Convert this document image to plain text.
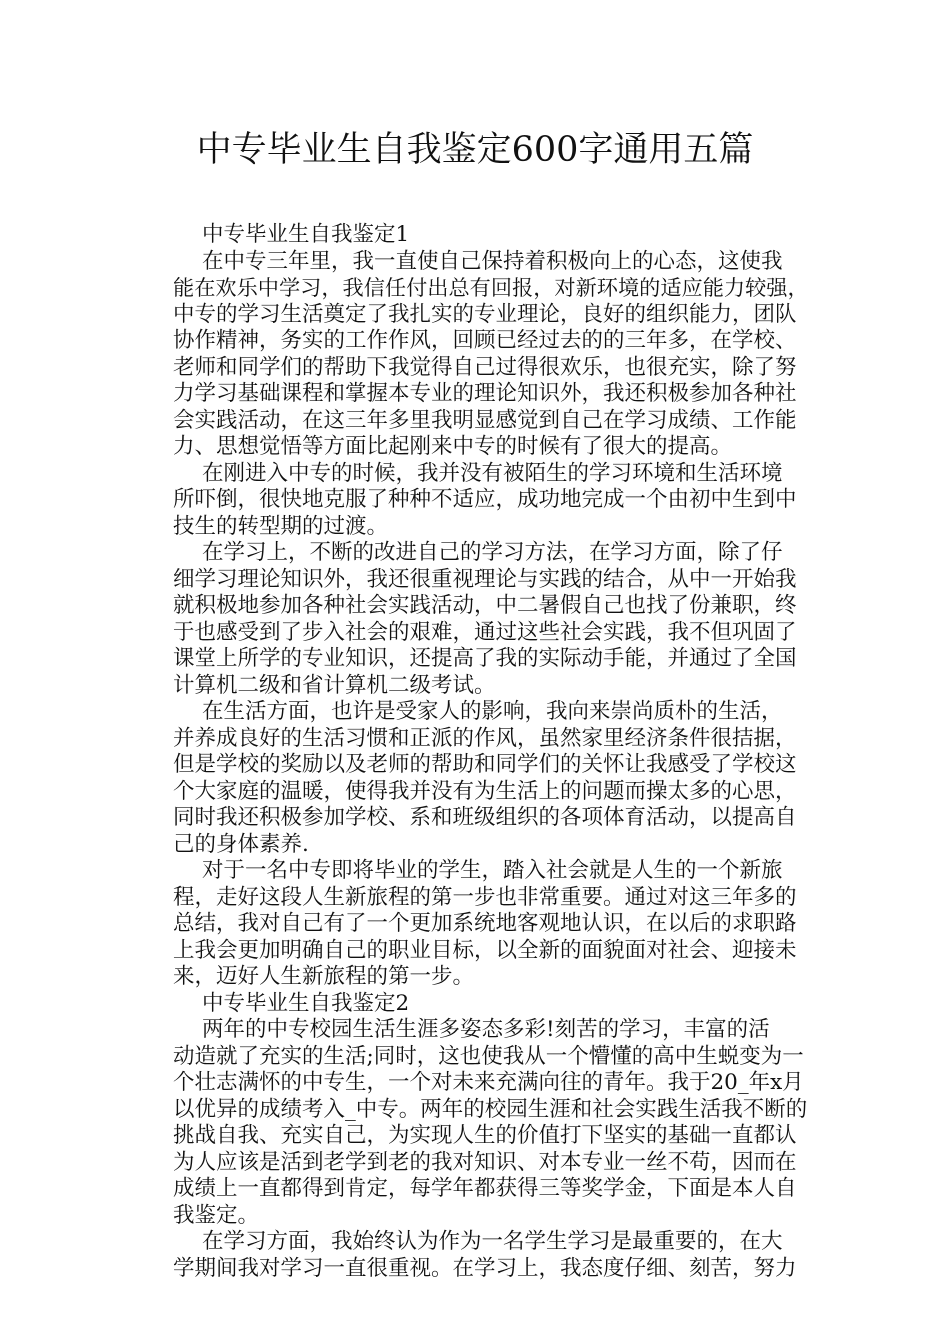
中专毕业生自我鉴定600字通用五篇
中专毕业生自我鉴定1
在中专三年里，我一直使自己保持着积极向上的心态，这使我
能在欢乐中学习，我信任付出总有回报，对新环境的适应能力较强，
中专的学习生活奠定了我扎实的专业理论，良好的组织能力，团队
协作精神，务实的工作作风，回顾已经过去的的三年多，在学校、
老师和同学们的帮助下我觉得自己过得很欢乐，也很充实，除了努
力学习基础课程和掌握本专业的理论知识外，我还积极参加各种社
会实践活动，在这三年多里我明显感觉到自己在学习成绩、工作能
力、思想觉悟等方面比起刚来中专的时候有了很大的提高。
在刚进入中专的时候，我并没有被陌生的学习环境和生活环境
所吓倒，很快地克服了种种不适应，成功地完成一个由初中生到中
技生的转型期的过渡。
在学习上，不断的改进自己的学习方法，在学习方面，除了仔
细学习理论知识外，我还很重视理论与实践的结合，从中一开始我
就积极地参加各种社会实践活动，中二暑假自己也找了份兼职，终
于也感受到了步入社会的艰难，通过这些社会实践，我不但巩固了
课堂上所学的专业知识，还提高了我的实际动手能，并通过了全国
计算机二级和省计算机二级考试。
在生活方面，也许是受家人的影响，我向来崇尚质朴的生活，
并养成良好的生活习惯和正派的作风，虽然家里经济条件很拮据，
但是学校的奖励以及老师的帮助和同学们的关怀让我感受了学校这
个大家庭的温暖，使得我并没有为生活上的问题而操太多的心思，
同时我还积极参加学校、系和班级组织的各项体育活动，以提高自
己的身体素养.
对于一名中专即将毕业的学生，踏入社会就是人生的一个新旅
程，走好这段人生新旅程的第一步也非常重要。通过对这三年多的
总结，我对自己有了一个更加系统地客观地认识，在以后的求职路
上我会更加明确自己的职业目标，以全新的面貌面对社会、迎接未
来，迈好人生新旅程的第一步。
中专毕业生自我鉴定2
两年的中专校园生活生涯多姿态多彩!刻苦的学习，丰富的活
动造就了充实的生活;同时，这也使我从一个懵懂的高中生蜕变为一
个壮志满怀的中专生，一个对未来充满向往的青年。我于20_年x月
以优异的成绩考入_中专。两年的校园生涯和社会实践生活我不断的
挑战自我、充实自己，为实现人生的价值打下坚实的基础一直都认
为人应该是活到老学到老的我对知识、对本专业一丝不苟，因而在
成绩上一直都得到肯定，每学年都获得三等奖学金，下面是本人自
我鉴定。
在学习方面，我始终认为作为一名学生学习是最重要的，在大
学期间我对学习一直很重视。在学习上，我态度仔细、刻苦，努力
